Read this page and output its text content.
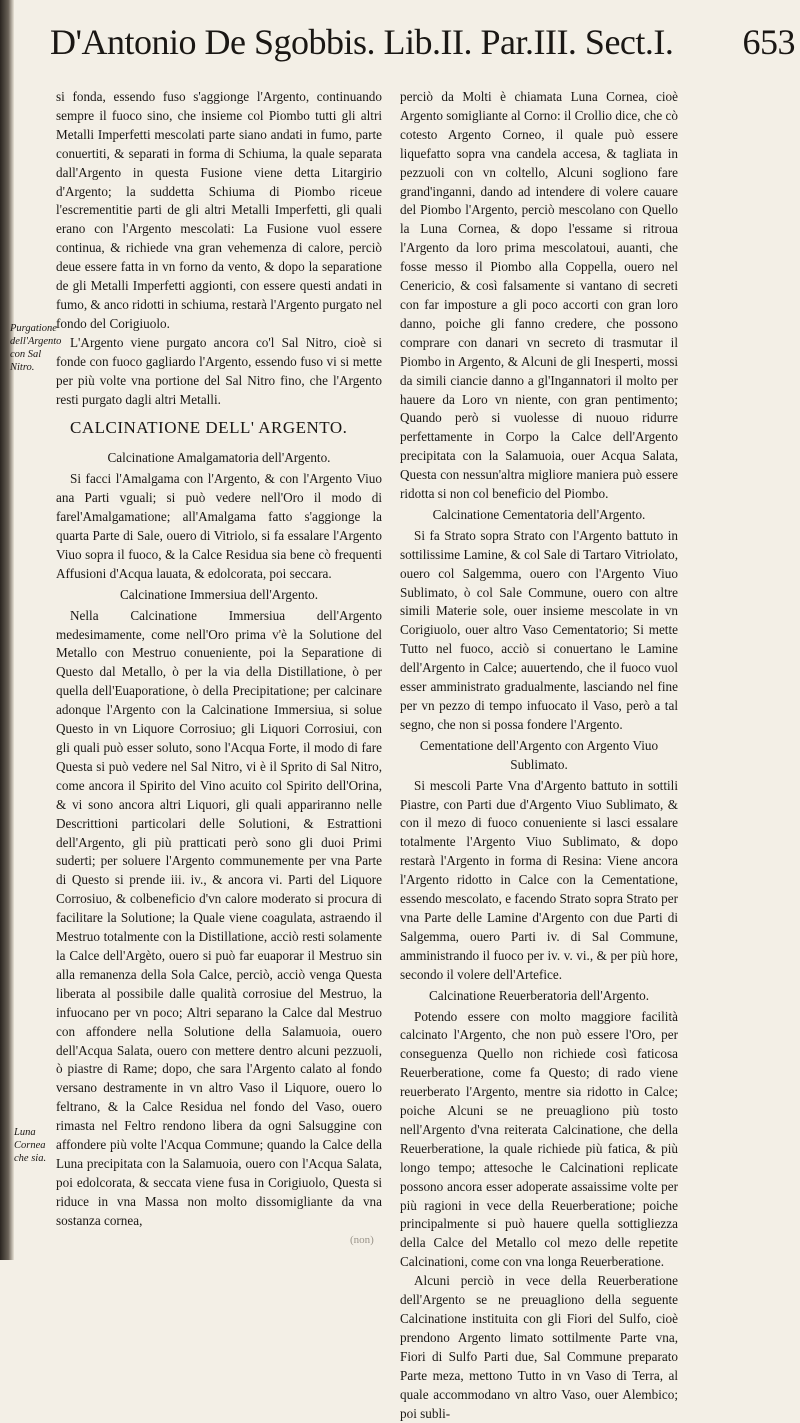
D'Antonio De Sgobbis. Lib.II. Par.III. Sect.I. 653
Purgatione dell'Argento con Sal Nitro.
Luna Cornea che sia.

si fonda, essendo fuso s'aggionge l'Argento, continuando sempre il fuoco sino, che insieme col Piombo tutti gli altri Metalli Imperfetti mescolati parte siano andati in fumo, parte conuertiti, & separati in forma di Schiuma, la quale separata dall'Argento in questa Fusione viene detta Litargirio d'Argento; la suddetta Schiuma di Piombo riceue l'escrementitie parti de gli altri Metalli Imperfetti, gli quali erano con l'Argento mescolati: La Fusione vuol essere continua, & richiede vna gran vehemenza di calore, perciò deue essere fatta in vn forno da vento, & dopo la separatione de gli Metalli Imperfetti aggionti, con essere questi andati in fumo, & anco ridotti in schiuma, restarà l'Argento purgato nel fondo del Corigiuolo.

L'Argento viene purgato ancora co'l Sal Nitro, cioè si fonde con fuoco gagliardo l'Argento, essendo fuso vi si mette per più volte vna portione del Sal Nitro fino, che l'Argento resti purgato dagli altri Metalli.

CALCINATIONE DELL' ARGENTO.

Calcinatione Amalgamatoria dell'Argento.

Si facci l'Amalgama con l'Argento, & con l'Argento Viuo ana Parti vguali; si può vedere nell'Oro il modo di farel'Amalgamatione; all'Amalgama fatto s'aggionge la quarta Parte di Sale, ouero di Vitriolo, si fa essalare l'Argento Viuo sopra il fuoco, & la Calce Residua sia bene cò frequenti Affusioni d'Acqua lauata, & edolcorata, poi seccara.

Calcinatione Immersiua dell'Argento.

Nella Calcinatione Immersiua dell'Argento medesimamente, come nell'Oro prima v'è la Solutione del Metallo con Mestruo conueniente, poi la Separatione di Questo dal Metallo, ò per la via della Distillatione, ò per quella dell'Euaporatione, ò della Precipitatione; per calcinare adonque l'Argento con la Calcinatione Immersiua, si solue Questo in vn Liquore Corrosiuo; gli Liquori Corrosiui, con gli quali può esser soluto, sono l'Acqua Forte, il modo di fare Questa si può vedere nel Sal Nitro, vi è il Sprito di Sal Nitro, come ancora il Spirito del Vino acuito col Spirito dell'Orina, & vi sono ancora altri Liquori, gli quali appariranno nelle Descrittioni particolari delle Solutioni, & Estrattioni dell'Argento, gli più pratticati però sono gli duoi Primi suderti; per soluere l'Argento communemente per vna Parte di Questo si prende iii. iv., & ancora vi. Parti del Liquore Corrosiuo, & colbeneficio d'vn calore moderato si procura di facilitare la Solutione; la Quale viene coagulata, astraendo il Mestruo totalmente con la Distillatione, acciò resti solamente la Calce dell'Argèto, ouero si può far euaporar il Mestruo sin alla remanenza della Sola Calce, perciò, acciò venga Questa liberata al possibile dalle qualità corrosiue del Mestruo, la infuocano per vn poco; Altri separano la Calce dal Mestruo con affondere nella Solutione della Salamuoia, ouero dell'Acqua Salata, ouero con mettere dentro alcuni pezzuoli, ò piastre di Rame; dopo, che sara l'Argento calato al fondo versano destramente in vn altro Vaso il Liquore, ouero lo feltrano, & la Calce Residua nel fondo del Vaso, ouero rimasta nel Feltro rendono libera da ogni Salsuggine con affondere più volte l'Acqua Commune; quando la Calce della Luna precipitata con la Salamuoia, ouero con l'Acqua Salata, poi edolcorata, & seccata viene fusa in Corigiuolo, Questa si riduce in vna Massa non molto dissomigliante da vna sostanza cornea,

perciò da Molti è chiamata Luna Cornea, cioè Argento somigliante al Corno: il Crollio dice, che cò cotesto Argento Corneo, il quale può essere liquefatto sopra vna candela accesa, & tagliata in pezzuoli con vn coltello, Alcuni sogliono fare grand'inganni, dando ad intendere di volere cauare del Piombo l'Argento, perciò mescolano con Quello la Luna Cornea, & dopo l'essame si ritroua l'Argento da loro prima mescolatoui, auanti, che fosse messo il Piombo alla Coppella, ouero nel Cenericio, & così falsamente si vantano di secreti con far imposture a gli poco accorti con gran loro danno, poiche gli fanno credere, che possono comprare con danari vn secreto di trasmutar il Piombo in Argento, & Alcuni de gli Inesperti, mossi da simili ciancie danno a gl'Ingannatori il molto per hauere da Loro vn niente, con gran pentimento; Quando però si vuolesse di nuouo ridurre perfettamente in Corpo la Calce dell'Argento precipitata con la Salamuoia, ouer Acqua Salata, Questa con nessun'altra migliore maniera può essere ridotta si non col beneficio del Piombo.

Calcinatione Cementatoria dell'Argento.

Si fa Strato sopra Strato con l'Argento battuto in sottilissime Lamine, & col Sale di Tartaro Vitriolato, ouero col Salgemma, ouero con l'Argento Viuo Sublimato, ò col Sale Commune, ouero con altre simili Materie sole, ouer insieme mescolate in vn Corigiuolo, ouer altro Vaso Cementatorio; Si mette Tutto nel fuoco, acciò si conuertano le Lamine dell'Argento in Calce; auuertendo, che il fuoco vuol esser amministrato gradualmente, lasciando nel fine per vn pezzo di tempo infuocato il Vaso, però a tal segno, che non si possa fondere l'Argento.

Cementatione dell'Argento con Argento Viuo Sublimato.

Si mescoli Parte Vna d'Argento battuto in sottili Piastre, con Parti due d'Argento Viuo Sublimato, & con il mezo di fuoco conueniente si lasci essalare totalmente l'Argento Viuo Sublimato, & dopo restarà l'Argento in forma di Resina: Viene ancora l'Argento ridotto in Calce con la Cementatione, essendo mescolato, e facendo Strato sopra Strato per vna Parte delle Lamine d'Argento con due Parti di Salgemma, ouero Parti iv. di Sal Commune, amministrando il fuoco per iv. v. vi., & per più hore, secondo il volere dell'Artefice.

Calcinatione Reuerberatoria dell'Argento.

Potendo essere con molto maggiore facilità calcinato l'Argento, che non può essere l'Oro, per conseguenza Quello non richiede così faticosa Reuerberatione, come fa Questo; di rado viene reuerberato l'Argento, mentre sia ridotto in Calce; poiche Alcuni se ne preuagliono più tosto nell'Argento d'vna reiterata Calcinatione, che della Reuerberatione, la quale richiede più fatica, & più longo tempo; attesoche le Calcinationi replicate possono ancora esser adoperate assaissime volte per più ragioni in vece della Reuerberatione; poiche principalmente si può hauere quella sottigliezza della Calce del Metallo col mezo delle repetite Calcinationi, come con vna longa Reuerberatione.

Alcuni perciò in vece della Reuerberatione dell'Argento se ne preuagliono della seguente Calcinatione instituita con gli Fiori del Sulfo, cioè prendono Argento limato sottilmente Parte vna, Fiori di Sulfo Parti due, Sal Commune preparato Parte meza, mettono Tutto in vn Vaso di Terra, al quale accommodano vn altro Vaso, ouer Alembico; poi subli-

(non)
